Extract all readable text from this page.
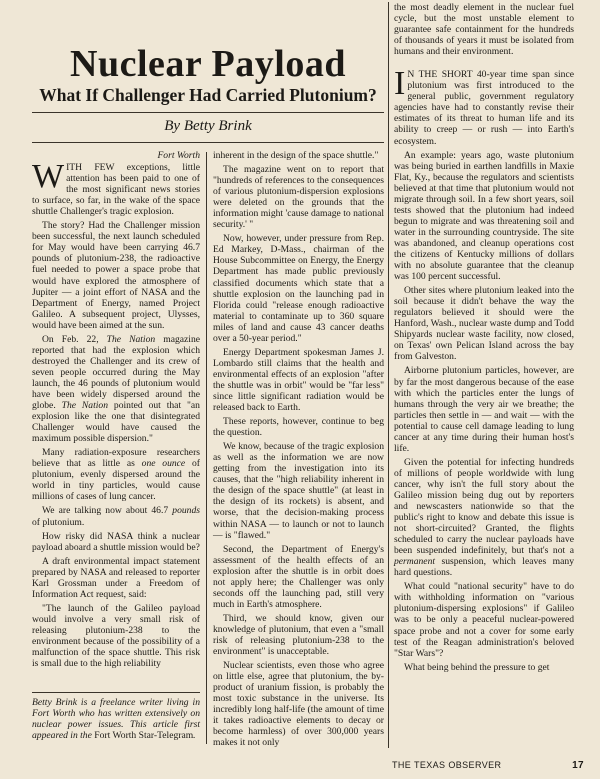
Nuclear Payload
What If Challenger Had Carried Plutonium?
By Betty Brink
Fort Worth

WITH FEW exceptions, little attention has been paid to one of the most significant news stories to surface, so far, in the wake of the space shuttle Challenger's tragic explosion.

The story? Had the Challenger mission been successful, the next launch scheduled for May would have been carrying 46.7 pounds of plutonium-238, the radioactive fuel needed to power a space probe that would have explored the atmosphere of Jupiter — a joint effort of NASA and the Department of Energy, named Project Galileo. A subsequent project, Ulysses, would have been aimed at the sun.

On Feb. 22, The Nation magazine reported that had the explosion which destroyed the Challenger and its crew of seven people occurred during the May launch, the 46 pounds of plutonium would have been widely dispersed around the globe. The Nation pointed out that "an explosion like the one that disintegrated Challenger would have caused the maximum possible dispersion."

Many radiation-exposure researchers believe that as little as one ounce of plutonium, evenly dispersed around the world in tiny particles, would cause millions of cases of lung cancer.

We are talking now about 46.7 pounds of plutonium.

How risky did NASA think a nuclear payload aboard a shuttle mission would be?

A draft environmental impact statement prepared by NASA and released to reporter Karl Grossman under a Freedom of Information Act request, said:

"The launch of the Galileo payload would involve a very small risk of releasing plutonium-238 to the environment because of the possibility of a malfunction of the space shuttle. This risk is small due to the high reliability

Betty Brink is a freelance writer living in Fort Worth who has written extensively on nuclear power issues. This article first appeared in the Fort Worth Star-Telegram.

inherent in the design of the space shuttle."

The magazine went on to report that "hundreds of references to the consequences of various plutonium-dispersion explosions were deleted on the grounds that the information might 'cause damage to national security.' "

Now, however, under pressure from Rep. Ed Markey, D-Mass., chairman of the House Subcommittee on Energy, the Energy Department has made public previously classified documents which state that a shuttle explosion on the launching pad in Florida could "release enough radioactive material to contaminate up to 360 square miles of land and cause 43 cancer deaths over a 50-year period."

Energy Department spokesman James J. Lombardo still claims that the health and environmental effects of an explosion "after the shuttle was in orbit" would be "far less" since little significant radiation would be released back to Earth.

These reports, however, continue to beg the question.

We know, because of the tragic explosion as well as the information we are now getting from the investigation into its causes, that the "high reliability inherent in the design of the space shuttle" (at least in the design of its rockets) is absent, and worse, that the decision-making process within NASA — to launch or not to launch — is "flawed."

Second, the Department of Energy's assessment of the health effects of an explosion after the shuttle is in orbit does not apply here; the Challenger was only seconds off the launching pad, still very much in Earth's atmosphere.

Third, we should know, given our knowledge of plutonium, that even a "small risk of releasing plutonium-238 to the environment" is unacceptable.

Nuclear scientists, even those who agree on little else, agree that plutonium, the by-product of uranium fission, is probably the most toxic substance in the universe. Its incredibly long half-life (the amount of time it takes radioactive elements to decay or become harmless) of over 300,000 years makes it not only

the most deadly element in the nuclear fuel cycle, but the most unstable element to guarantee safe containment for the hundreds of thousands of years it must be isolated from humans and their environment.

I N THE SHORT 40-year time span since plutonium was first introduced to the general public, government regulatory agencies have had to constantly revise their estimates of its threat to human life and its ability to creep — or rush — into Earth's ecosystem.

An example: years ago, waste plutonium was being buried in earthen landfills in Maxie Flat, Ky., because the regulators and scientists believed at that time that plutonium would not migrate through soil. In a few short years, soil tests showed that the plutonium had indeed begun to migrate and was threatening soil and water in the surrounding countryside. The site was abandoned, and cleanup operations cost the citizens of Kentucky millions of dollars with no absolute guarantee that the cleanup was 100 percent successful.

Other sites where plutonium leaked into the soil because it didn't behave the way the regulators believed it should were the Hanford, Wash., nuclear waste dump and Todd Shipyards nuclear waste facility, now closed, on Texas' own Pelican Island across the bay from Galveston.

Airborne plutonium particles, however, are by far the most dangerous because of the ease with which the particles enter the lungs of humans through the very air we breathe; the particles then settle in — and wait — with the potential to cause cell damage leading to lung cancer at any time during their human host's life.

Given the potential for infecting hundreds of millions of people worldwide with lung cancer, why isn't the full story about the Galileo mission being dug out by reporters and newscasters nationwide so that the public's right to know and debate this issue is not short-circuited? Granted, the flights scheduled to carry the nuclear payloads have been suspended indefinitely, but that's not a permanent suspension, which leaves many hard questions.

What could "national security" have to do with withholding information on "various plutonium-dispersing explosions" if Galileo was to be only a peaceful nuclear-powered space probe and not a cover for some early test of the Reagan administration's beloved "Star Wars"?

What being behind the pressure to get

THE TEXAS OBSERVER	17
